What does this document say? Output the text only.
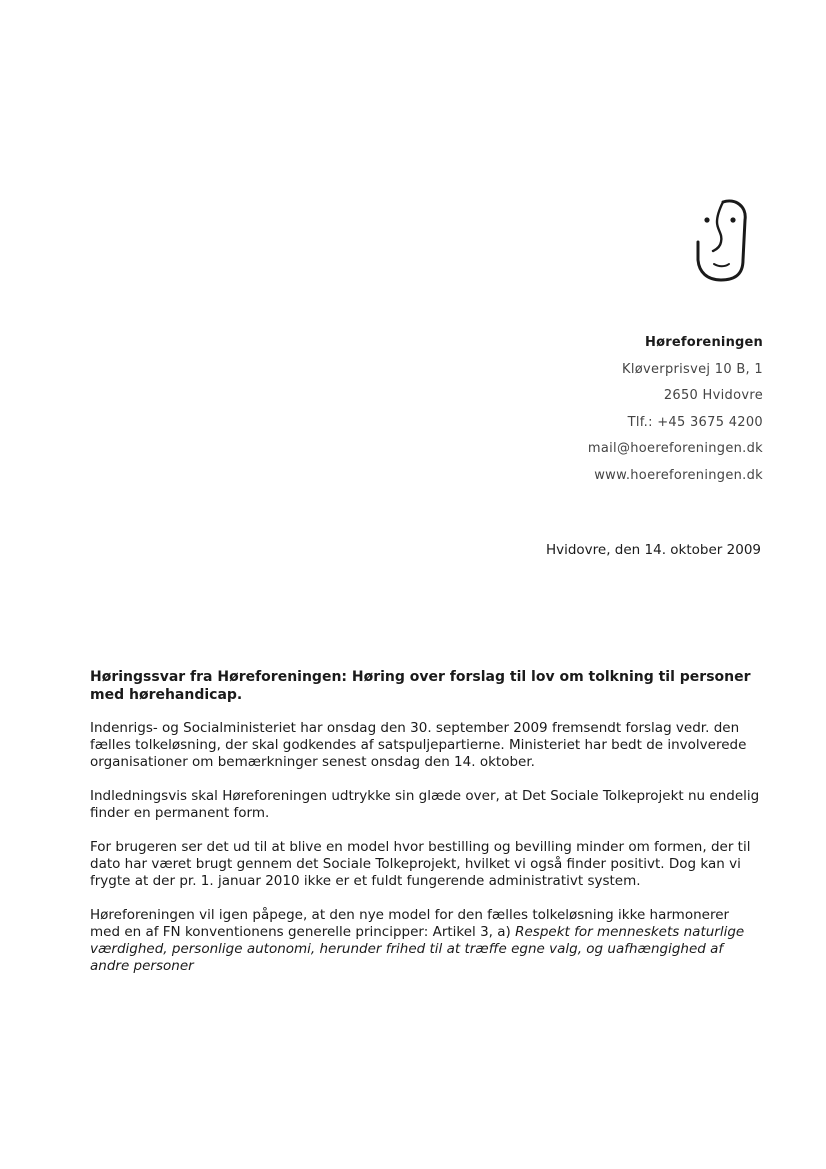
Høreforeningen
Kløverprisvej 10 B, 1
2650 Hvidovre
Tlf.: +45 3675 4200
mail@hoereforeningen.dk
www.hoereforeningen.dk
Hvidovre, den 14. oktober 2009
Høringssvar fra Høreforeningen: Høring over forslag til lov om tolkning til personer med hørehandicap.

Indenrigs- og Socialministeriet har onsdag den 30. september 2009 fremsendt forslag vedr. den fælles tolkeløsning, der skal godkendes af satspuljepartierne. Ministeriet har bedt de involverede organisationer om bemærkninger senest onsdag den 14. oktober.

Indledningsvis skal Høreforeningen udtrykke sin glæde over, at Det Sociale Tolkeprojekt nu endelig finder en permanent form.

For brugeren ser det ud til at blive en model hvor bestilling og bevilling minder om formen, der til dato har været brugt gennem det Sociale Tolkeprojekt, hvilket vi også finder positivt. Dog kan vi frygte at der pr. 1. januar 2010 ikke er et fuldt fungerende administrativt system.

Høreforeningen vil igen påpege, at den nye model for den fælles tolkeløsning ikke harmonerer med en af FN konventionens generelle principper: Artikel 3, a) Respekt for menneskets naturlige værdighed, personlige autonomi, herunder frihed til at træffe egne valg, og uafhængighed af andre personer
